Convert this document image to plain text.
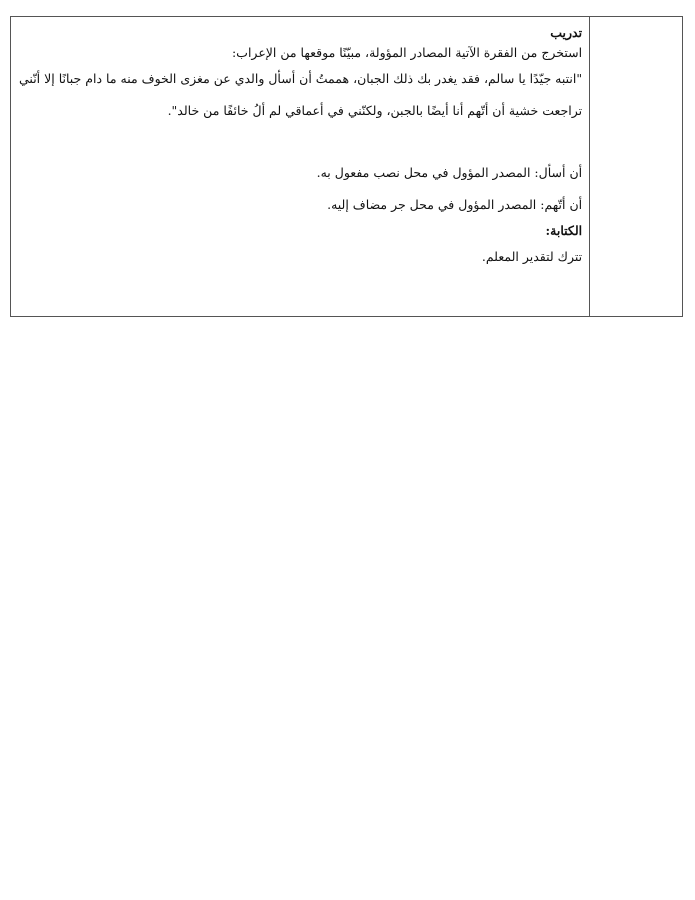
تدريب
استخرج من الفقرة الآتية المصادر المؤولة، مبيّنًا موقعها من الإعراب:
"انتبه جيّدًا يا سالم، فقد يغدر بك ذلك الجبان، هممتُ أن أسأل والدي عن مغزى الخوف منه ما دام جبانًا إلا أنّني
تراجعت خشية أن أتّهم أنا أيضًا بالجبن، ولكنّني في أعماقي لم ألُ خائفًا من خالد".
أن أسأل: المصدر المؤول في محل نصب مفعول به.
أن أتّهم: المصدر المؤول في محل جر مضاف إليه.
الكتابة:
تترك لتقدير المعلم.
